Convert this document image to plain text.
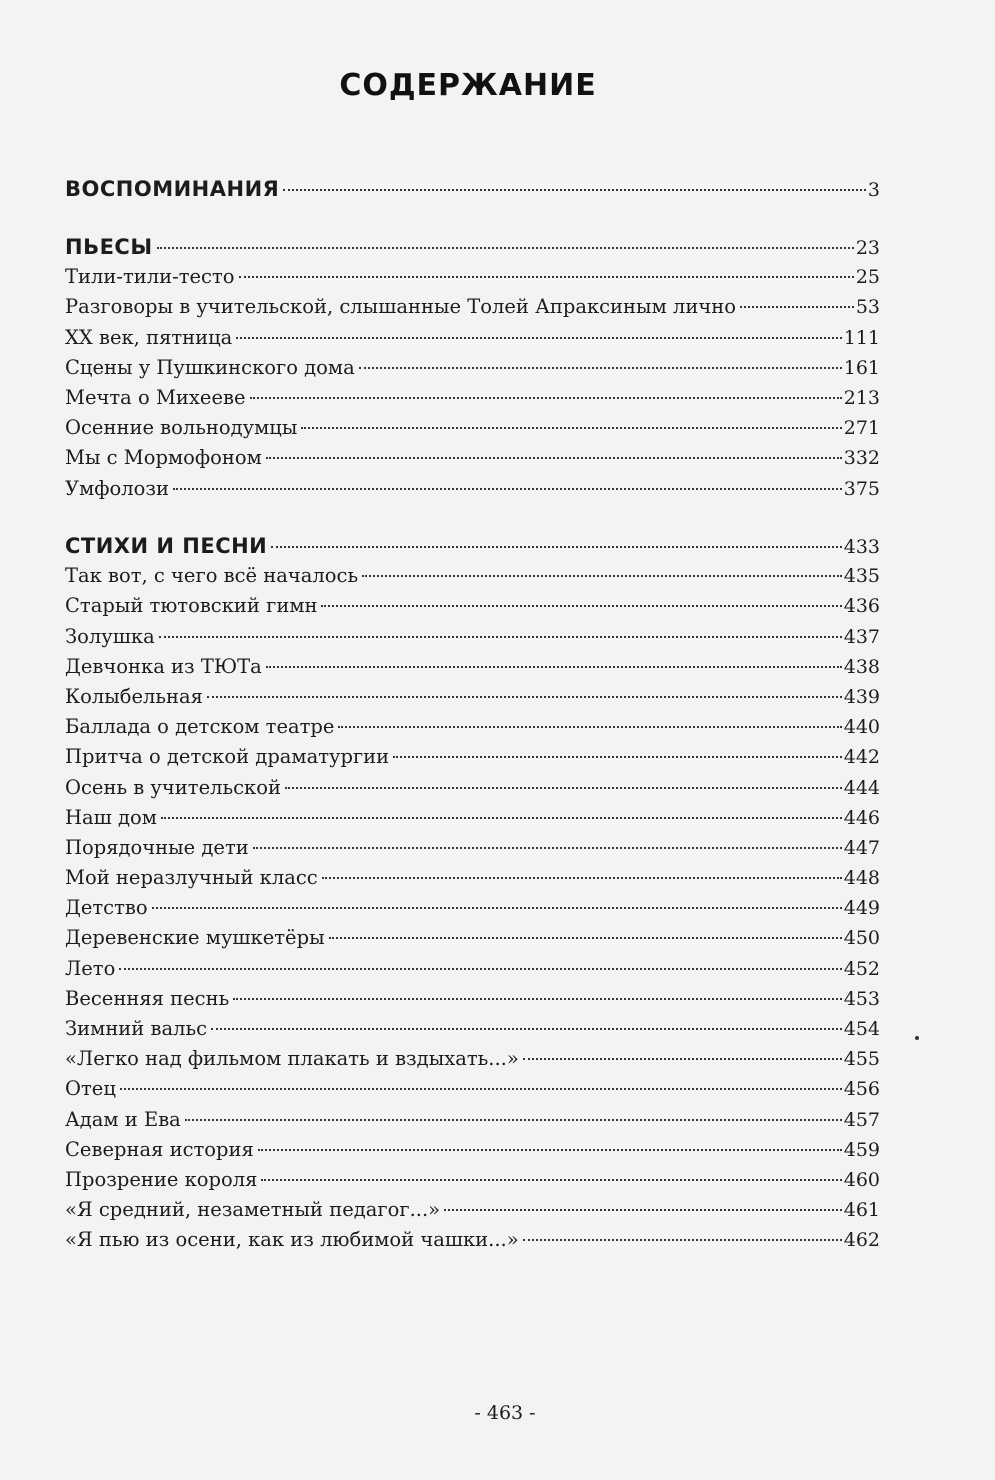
СОДЕРЖАНИЕ
ВОСПОМИНАНИЯ	3
ПЬЕСЫ	23
Тили-тили-тесто	25
Разговоры в учительской, слышанные Толей Апраксиным лично	53
XX век, пятница	111
Сцены у Пушкинского дома	161
Мечта о Михееве	213
Осенние вольнодумцы	271
Мы с Мормофоном	332
Умфолози	375
СТИХИ И ПЕСНИ	433
Так вот, с чего всё началось	435
Старый тютовский гимн	436
Золушка	437
Девчонка из ТЮТа	438
Колыбельная	439
Баллада о детском театре	440
Притча о детской драматургии	442
Осень в учительской	444
Наш дом	446
Порядочные дети	447
Мой неразлучный класс	448
Детство	449
Деревенские мушкетёры	450
Лето	452
Весенняя песнь	453
Зимний вальс	454
«Легко над фильмом плакать и вздыхать...»	455
Отец	456
Адам и Ева	457
Северная история	459
Прозрение короля	460
«Я средний, незаметный педагог...»	461
«Я пью из осени, как из любимой чашки...»	462
- 463 -
